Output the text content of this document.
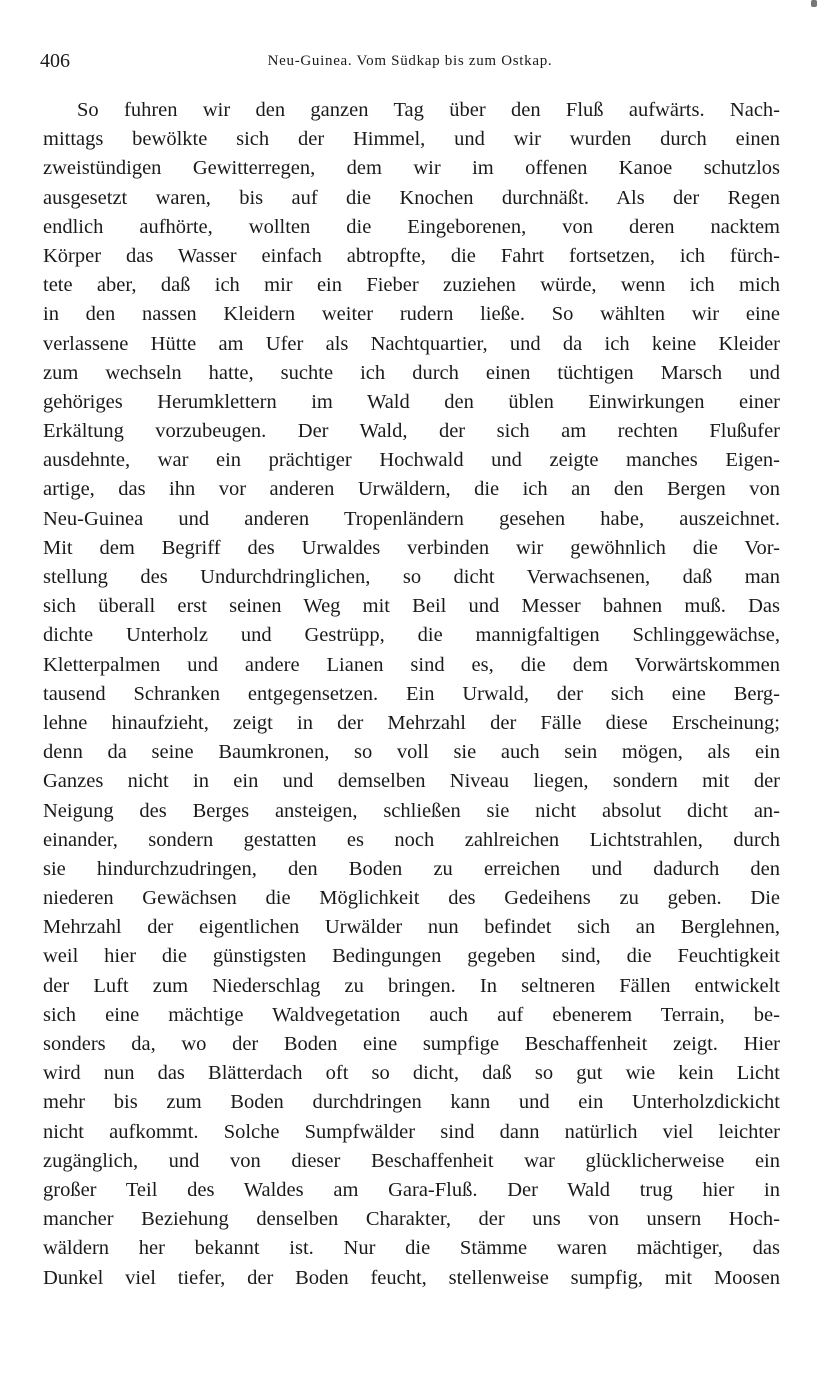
406	Neu-Guinea. Vom Südkap bis zum Ostkap.
So fuhren wir den ganzen Tag über den Fluß aufwärts. Nach-
mittags bewölkte sich der Himmel, und wir wurden durch einen
zweistündigen Gewitterregen, dem wir im offenen Kanoe schutzlos
ausgesetzt waren, bis auf die Knochen durchnäßt. Als der Regen
endlich aufhörte, wollten die Eingeborenen, von deren nacktem
Körper das Wasser einfach abtropfte, die Fahrt fortsetzen, ich fürch-
tete aber, daß ich mir ein Fieber zuziehen würde, wenn ich mich
in den nassen Kleidern weiter rudern ließe. So wählten wir eine
verlassene Hütte am Ufer als Nachtquartier, und da ich keine Kleider
zum wechseln hatte, suchte ich durch einen tüchtigen Marsch und
gehöriges Herumklettern im Wald den üblen Einwirkungen einer
Erkältung vorzubeugen. Der Wald, der sich am rechten Flußufer
ausdehnte, war ein prächtiger Hochwald und zeigte manches Eigen-
artige, das ihn vor anderen Urwäldern, die ich an den Bergen von
Neu-Guinea und anderen Tropenländern gesehen habe, auszeichnet.
Mit dem Begriff des Urwaldes verbinden wir gewöhnlich die Vor-
stellung des Undurchdringlichen, so dicht Verwachsenen, daß man
sich überall erst seinen Weg mit Beil und Messer bahnen muß. Das
dichte Unterholz und Gestrüpp, die mannigfaltigen Schlinggewächse,
Kletterpalmen und andere Lianen sind es, die dem Vorwärtskommen
tausend Schranken entgegensetzen. Ein Urwald, der sich eine Berg-
lehne hinaufzieht, zeigt in der Mehrzahl der Fälle diese Erscheinung;
denn da seine Baumkronen, so voll sie auch sein mögen, als ein
Ganzes nicht in ein und demselben Niveau liegen, sondern mit der
Neigung des Berges ansteigen, schließen sie nicht absolut dicht an-
einander, sondern gestatten es noch zahlreichen Lichtstrahlen, durch
sie hindurchzudringen, den Boden zu erreichen und dadurch den
niederen Gewächsen die Möglichkeit des Gedeihens zu geben. Die
Mehrzahl der eigentlichen Urwälder nun befindet sich an Berglehnen,
weil hier die günstigsten Bedingungen gegeben sind, die Feuchtigkeit
der Luft zum Niederschlag zu bringen. In seltneren Fällen entwickelt
sich eine mächtige Waldvegetation auch auf ebenerem Terrain, be-
sonders da, wo der Boden eine sumpfige Beschaffenheit zeigt. Hier
wird nun das Blätterdach oft so dicht, daß so gut wie kein Licht
mehr bis zum Boden durchdringen kann und ein Unterholzdickicht
nicht aufkommt. Solche Sumpfwälder sind dann natürlich viel leichter
zugänglich, und von dieser Beschaffenheit war glücklicherweise ein
großer Teil des Waldes am Gara-Fluß. Der Wald trug hier in
mancher Beziehung denselben Charakter, der uns von unsern Hoch-
wäldern her bekannt ist. Nur die Stämme waren mächtiger, das
Dunkel viel tiefer, der Boden feucht, stellenweise sumpfig, mit Moosen
